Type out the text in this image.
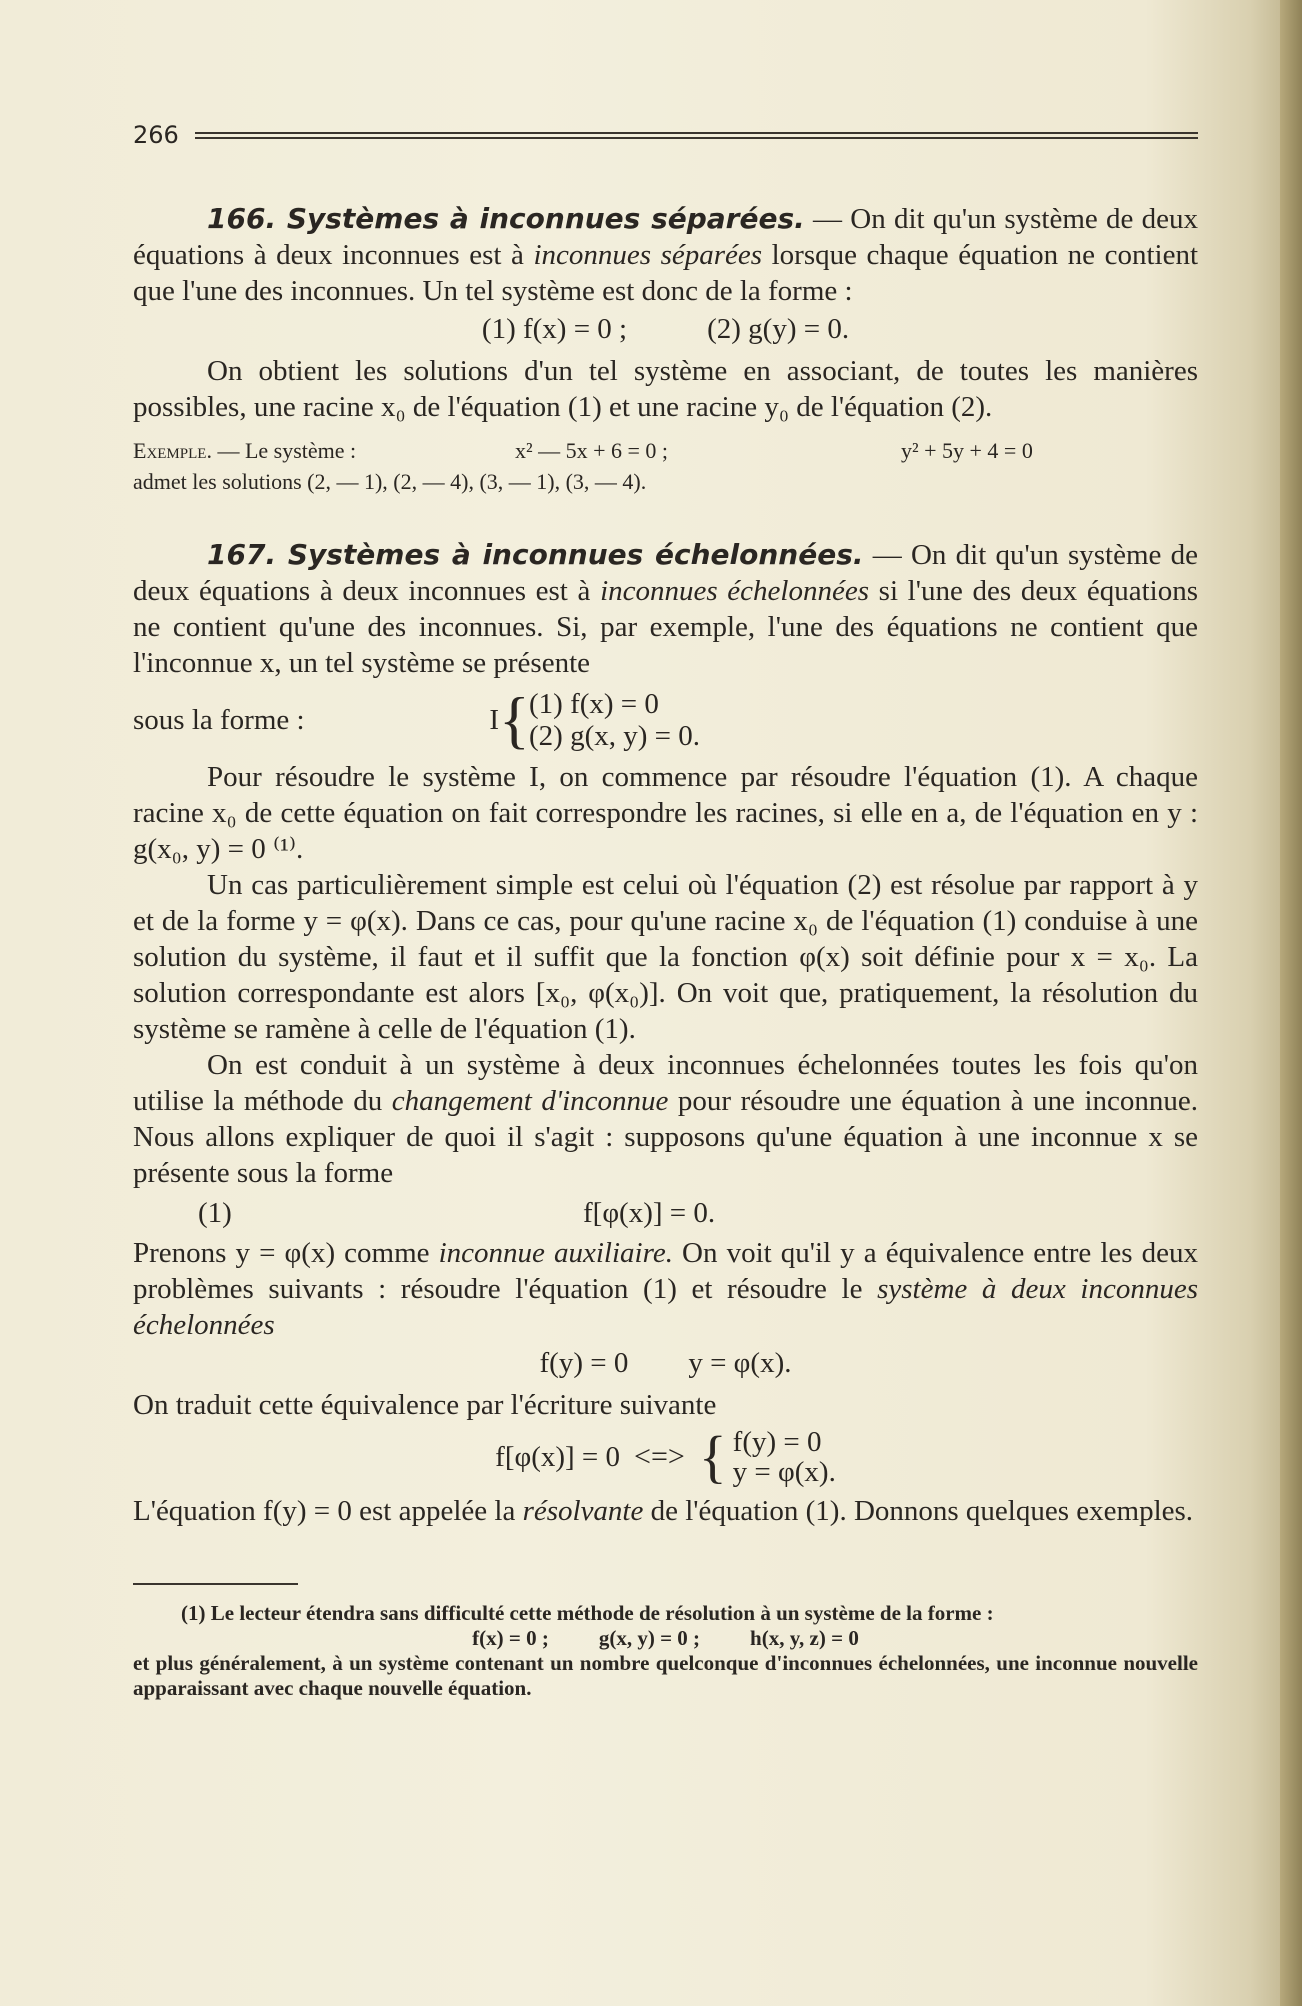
266

166. Systèmes à inconnues séparées. — On dit qu'un système de deux équations à deux inconnues est à inconnues séparées lorsque chaque équation ne contient que l'une des inconnues. Un tel système est donc de la forme :

(1) f(x) = 0 ;	(2) g(y) = 0.

On obtient les solutions d'un tel système en associant, de toutes les manières possibles, une racine x₀ de l'équation (1) et une racine y₀ de l'équation (2).

Exemple. — Le système :	x² — 5x + 6 = 0 ;	y² + 5y + 4 = 0
admet les solutions (2, — 1), (2, — 4), (3, — 1), (3, — 4).

167. Systèmes à inconnues échelonnées. — On dit qu'un système de deux équations à deux inconnues est à inconnues échelonnées si l'une des deux équations ne contient qu'une des inconnues. Si, par exemple, l'une des équations ne contient que l'inconnue x, un tel système se présente

sous la forme :	I { (1) f(x) = 0
(2) g(x, y) = 0.

Pour résoudre le système I, on commence par résoudre l'équation (1). A chaque racine x₀ de cette équation on fait correspondre les racines, si elle en a, de l'équation en y : g(x₀, y) = 0 ⁽¹⁾.

Un cas particulièrement simple est celui où l'équation (2) est résolue par rapport à y et de la forme y = φ(x). Dans ce cas, pour qu'une racine x₀ de l'équation (1) conduise à une solution du système, il faut et il suffit que la fonction φ(x) soit définie pour x = x₀. La solution correspondante est alors [x₀, φ(x₀)]. On voit que, pratiquement, la résolution du système se ramène à celle de l'équation (1).

On est conduit à un système à deux inconnues échelonnées toutes les fois qu'on utilise la méthode du changement d'inconnue pour résoudre une équation à une inconnue. Nous allons expliquer de quoi il s'agit : supposons qu'une équation à une inconnue x se présente sous la forme

(1)	f[φ(x)] = 0.

Prenons y = φ(x) comme inconnue auxiliaire. On voit qu'il y a équivalence entre les deux problèmes suivants : résoudre l'équation (1) et résoudre le système à deux inconnues échelonnées

f(y) = 0 y = φ(x).

On traduit cette équivalence par l'écriture suivante

f[φ(x)] = 0 <=> { f(y) = 0
y = φ(x).

L'équation f(y) = 0 est appelée la résolvante de l'équation (1). Donnons quelques exemples.

(1) Le lecteur étendra sans difficulté cette méthode de résolution à un système de la forme :

f(x) = 0 ; g(x, y) = 0 ; h(x, y, z) = 0

et plus généralement, à un système contenant un nombre quelconque d'inconnues échelonnées, une inconnue nouvelle apparaissant avec chaque nouvelle équation.
